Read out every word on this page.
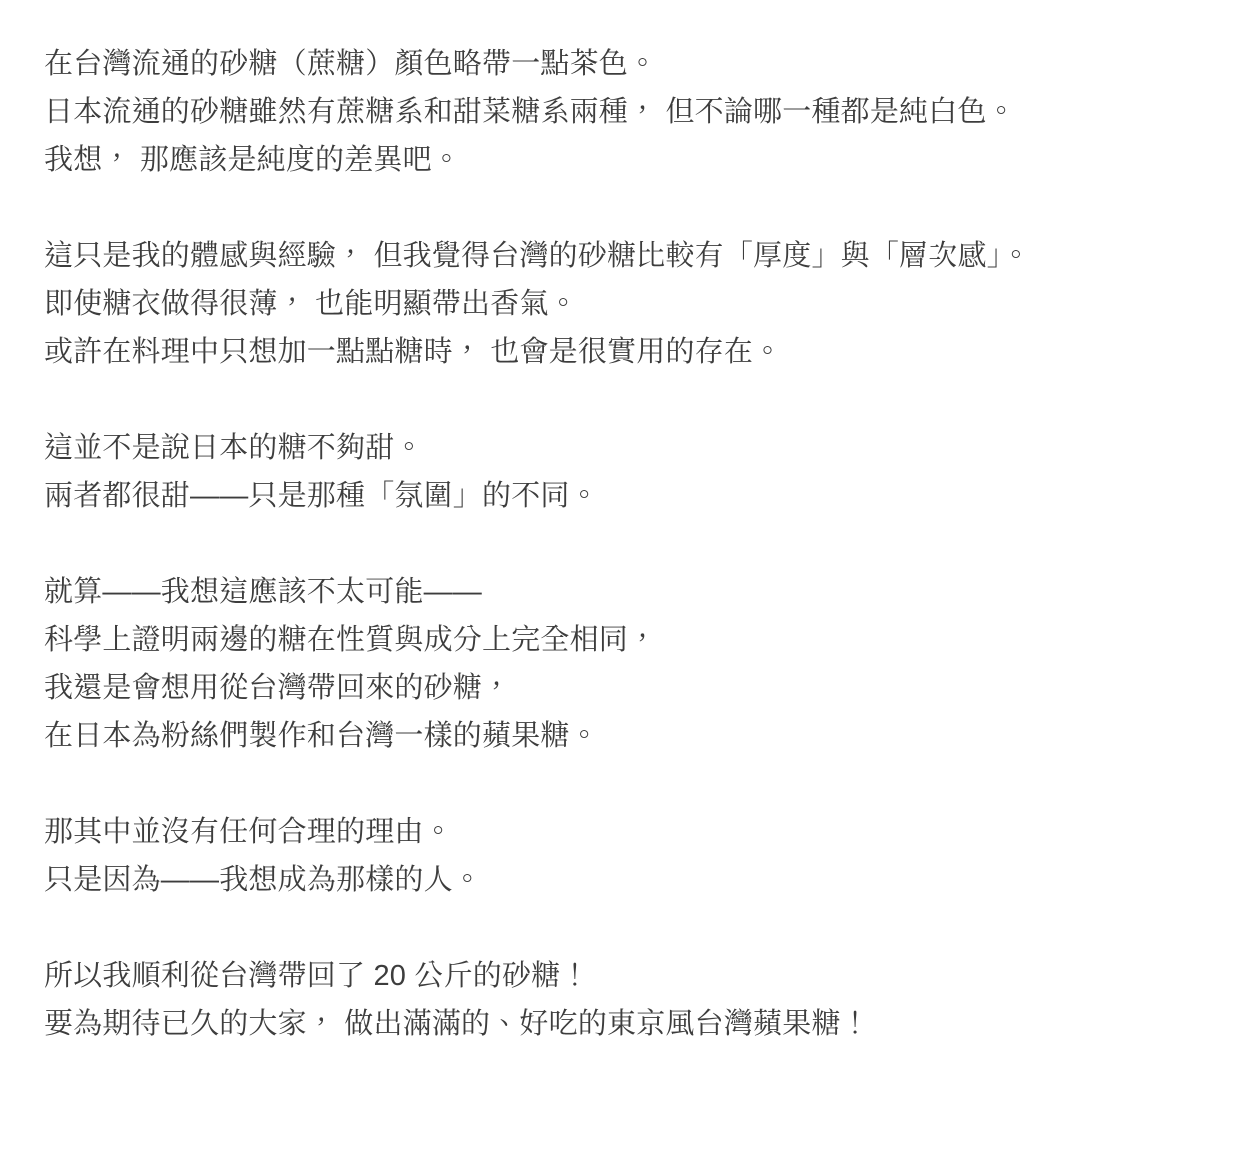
在台灣流通的砂糖（蔗糖）顏色略帶一點茶色。
日本流通的砂糖雖然有蔗糖系和甜菜糖系兩種， 但不論哪一種都是純白色。
我想， 那應該是純度的差異吧。

這只是我的體感與經驗， 但我覺得台灣的砂糖比較有「厚度」與「層次感」。
即使糖衣做得很薄， 也能明顯帶出香氣。
或許在料理中只想加一點點糖時， 也會是很實用的存在。

這並不是說日本的糖不夠甜。
兩者都很甜——只是那種「氛圍」的不同。

就算——我想這應該不太可能——
科學上證明兩邊的糖在性質與成分上完全相同，
我還是會想用從台灣帶回來的砂糖，
在日本為粉絲們製作和台灣一樣的蘋果糖。

那其中並沒有任何合理的理由。
只是因為——我想成為那樣的人。

所以我順利從台灣帶回了 20 公斤的砂糖！
要為期待已久的大家， 做出滿滿的、好吃的東京風台灣蘋果糖！
